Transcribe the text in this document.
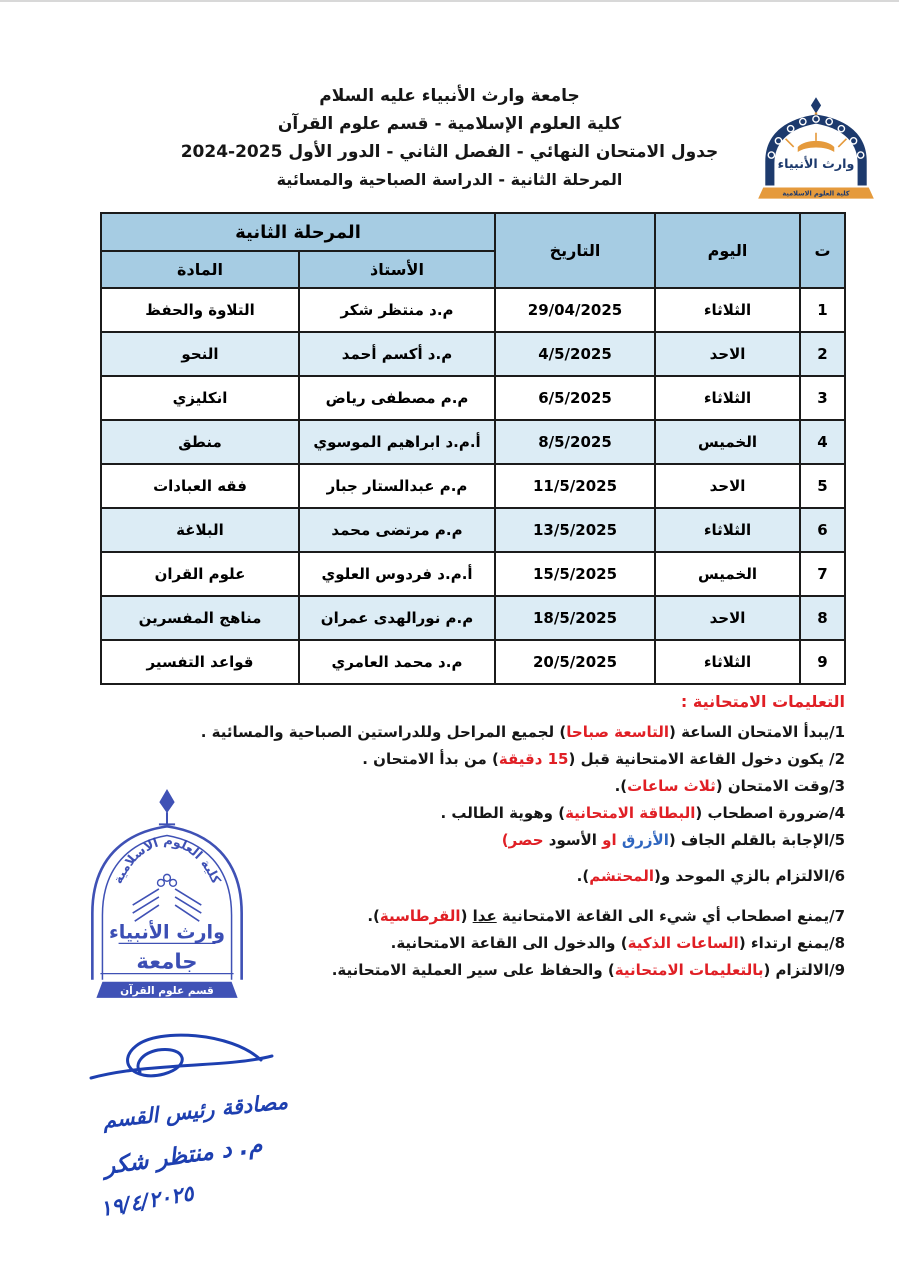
جامعة وارث الأنبياء عليه السلام

كلية العلوم الإسلامية - قسم علوم القرآن

جدول الامتحان النهائي - الفصل الثاني - الدور الأول 2025-2024

المرحلة الثانية - الدراسة الصباحية والمسائية

وارث الأنبياء
كلية العلوم الاسلامية
ت	اليوم	التاريخ	المرحلة الثانية	
			الأستاذ	المادة
1	الثلاثاء	29/04/2025	م.د منتظر شكر	التلاوة والحفظ
2	الاحد	4/5/2025	م.د أكسم أحمد	النحو
3	الثلاثاء	6/5/2025	م.م مصطفى رياض	انكليزي
4	الخميس	8/5/2025	أ.م.د ابراهيم الموسوي	منطق
5	الاحد	11/5/2025	م.م عبدالستار جبار	فقه العبادات
6	الثلاثاء	13/5/2025	م.م مرتضى محمد	البلاغة
7	الخميس	15/5/2025	أ.م.د فردوس العلوي	علوم القران
8	الاحد	18/5/2025	م.م نورالهدى عمران	مناهج المفسرين
9	الثلاثاء	20/5/2025	م.د محمد العامري	قواعد التفسير

التعليمات الامتحانية :

1/يبدأ الامتحان الساعة (التاسعة صباحا) لجميع المراحل وللدراستين الصباحية والمسائية .
2/ يكون دخول القاعة الامتحانية قبل (15 دقيقة) من بدأ الامتحان .
3/وقت الامتحان (ثلاث ساعات).
4/ضرورة اصطحاب (البطاقة الامتحانية) وهوية الطالب .
5/الإجابة بالقلم الجاف (الأزرق او الأسود حصر)
6/الالتزام بالزي الموحد و(المحتشم).
7/يمنع اصطحاب أي شيء الى القاعة الامتحانية عدا (القرطاسية).
8/يمنع ارتداء (الساعات الذكية) والدخول الى القاعة الامتحانية.
9/الالتزام (بالتعليمات الامتحانية) والحفاظ على سير العملية الامتحانية.
كلية العلوم الاسلامية
وارث الأنبياء
جامعة
قسم علوم القرآن
مصادقة رئيس القسم
م. د منتظر شكر
١٩/٤/٢٠٢٥
